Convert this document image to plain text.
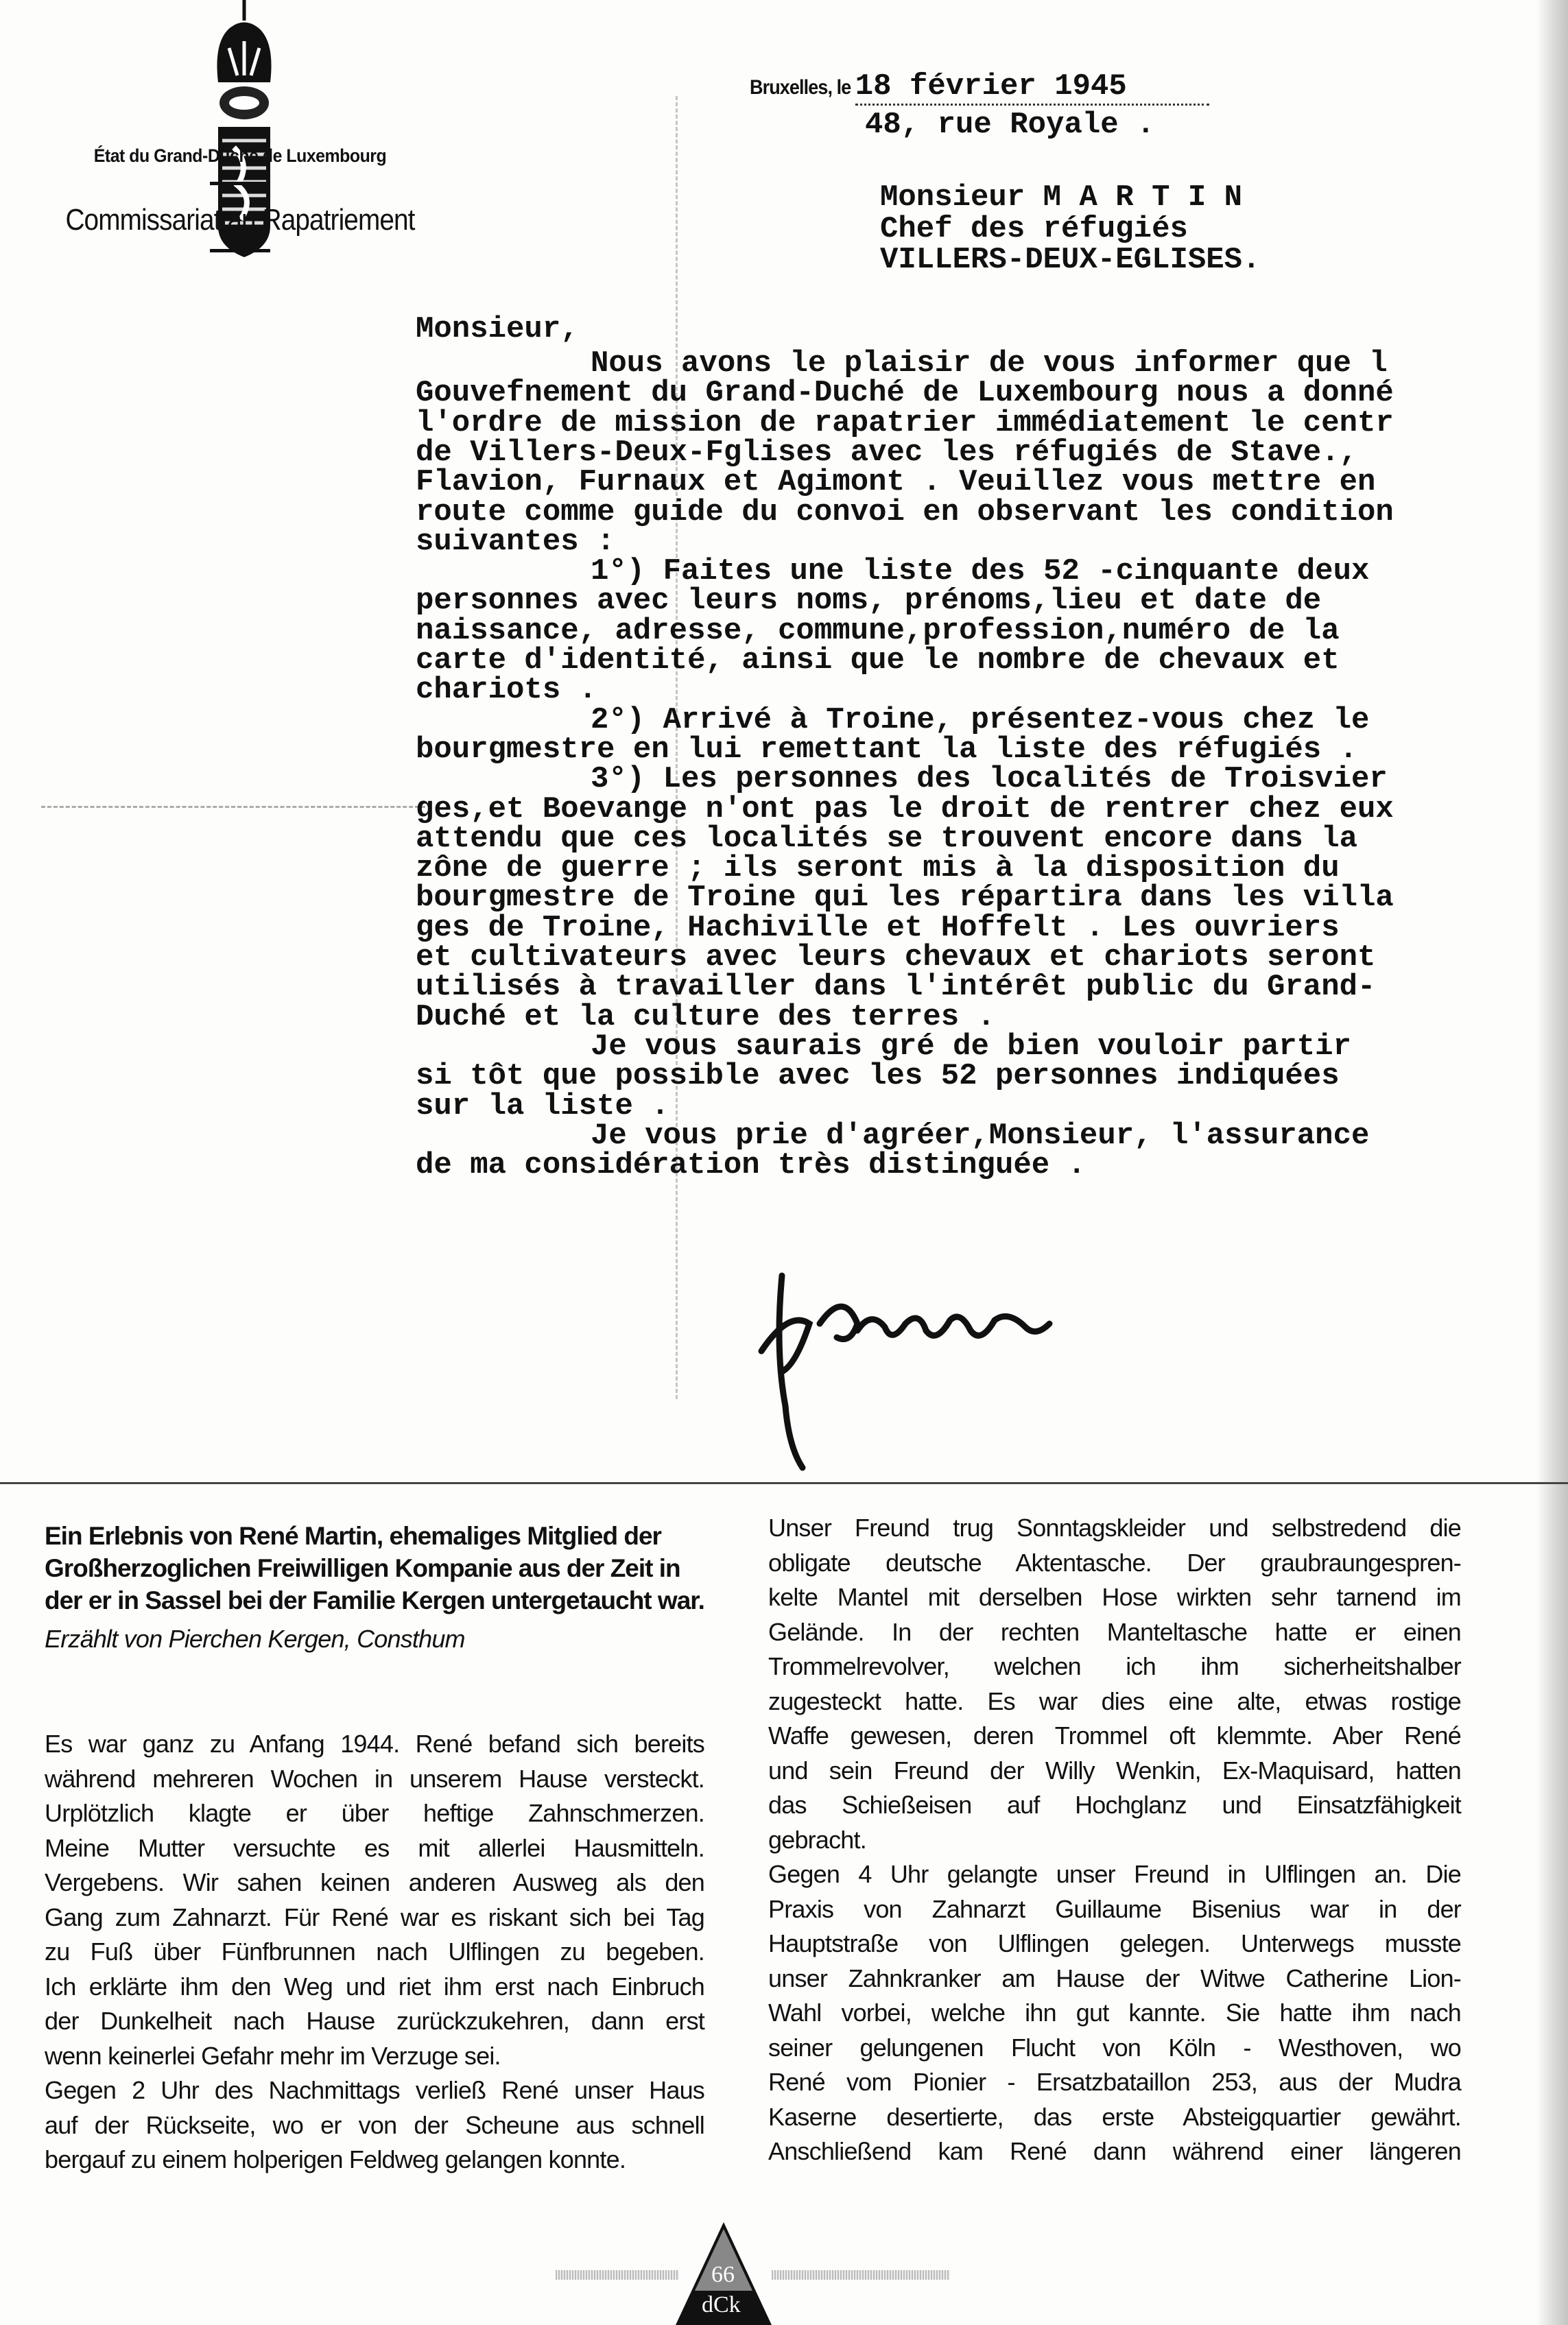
État du Grand-Duché de Luxembourg
Commissariat au Rapatriement
Bruxelles, le 18 février 1945
48, rue Royale .
Monsieur M A R T I N
Chef des réfugiés
VILLERS-DEUX-EGLISES.
Monsieur,
Nous avons le plaisir de vous informer que l
Gouvefnement du Grand-Duché de Luxembourg nous a donné
l'ordre de mission de rapatrier immédiatement le centr
de Villers-Deux-Fglises avec les réfugiés de Stave.,
Flavion, Furnaux et Agimont . Veuillez vous mettre en
route comme guide du convoi en observant les condition
suivantes :
1°) Faites une liste des 52 -cinquante deux
personnes avec leurs noms, prénoms,lieu et date de
naissance, adresse, commune,profession,numéro de la
carte d'identité, ainsi que le nombre de chevaux et
chariots .
2°) Arrivé à Troine, présentez-vous chez le
bourgmestre en lui remettant la liste des réfugiés .
3°) Les personnes des localités de Troisvier
ges,et Boevange n'ont pas le droit de rentrer chez eux
attendu que ces localités se trouvent encore dans la
zône de guerre ; ils seront mis à la disposition du
bourgmestre de Troine qui les répartira dans les villa
ges de Troine, Hachiville et Hoffelt . Les ouvriers
et cultivateurs avec leurs chevaux et chariots seront
utilisés à travailler dans l'intérêt public du Grand-
Duché et la culture des terres .
Je vous saurais gré de bien vouloir partir
si tôt que possible avec les 52 personnes indiquées
sur la liste .
Je vous prie d'agréer,Monsieur, l'assurance
de ma considération très distinguée .
Ein Erlebnis von René Martin, ehemaliges Mitglied der
Großherzoglichen Freiwilligen Kompanie aus der Zeit in
der er in Sassel bei der Familie Kergen untergetaucht war.
Erzählt von Pierchen Kergen, Consthum
Es war ganz zu Anfang 1944. René befand sich bereits
während mehreren Wochen in unserem Hause versteckt.
Urplötzlich klagte er über heftige Zahnschmerzen.
Meine Mutter versuchte es mit allerlei Hausmitteln.
Vergebens. Wir sahen keinen anderen Ausweg als den
Gang zum Zahnarzt. Für René war es riskant sich bei Tag
zu Fuß über Fünfbrunnen nach Ulflingen zu begeben.
Ich erklärte ihm den Weg und riet ihm erst nach Einbruch
der Dunkelheit nach Hause zurückzukehren, dann erst
wenn keinerlei Gefahr mehr im Verzuge sei.
Gegen 2 Uhr des Nachmittags verließ René unser Haus
auf der Rückseite, wo er von der Scheune aus schnell
bergauf zu einem holperigen Feldweg gelangen konnte.
Unser Freund trug Sonntagskleider und selbstredend die
obligate deutsche Aktentasche. Der graubraungespren-
kelte Mantel mit derselben Hose wirkten sehr tarnend im
Gelände. In der rechten Manteltasche hatte er einen
Trommelrevolver, welchen ich ihm sicherheitshalber
zugesteckt hatte. Es war dies eine alte, etwas rostige
Waffe gewesen, deren Trommel oft klemmte. Aber René
und sein Freund der Willy Wenkin, Ex-Maquisard, hatten
das Schießeisen auf Hochglanz und Einsatzfähigkeit
gebracht.
Gegen 4 Uhr gelangte unser Freund in Ulflingen an. Die
Praxis von Zahnarzt Guillaume Bisenius war in der
Hauptstraße von Ulflingen gelegen. Unterwegs musste
unser Zahnkranker am Hause der Witwe Catherine Lion-
Wahl vorbei, welche ihn gut kannte. Sie hatte ihm nach
seiner gelungenen Flucht von Köln - Westhoven, wo
René vom Pionier - Ersatzbataillon 253, aus der Mudra
Kaserne desertierte, das erste Absteigquartier gewährt.
Anschließend kam René dann während einer längeren
66
dCk
